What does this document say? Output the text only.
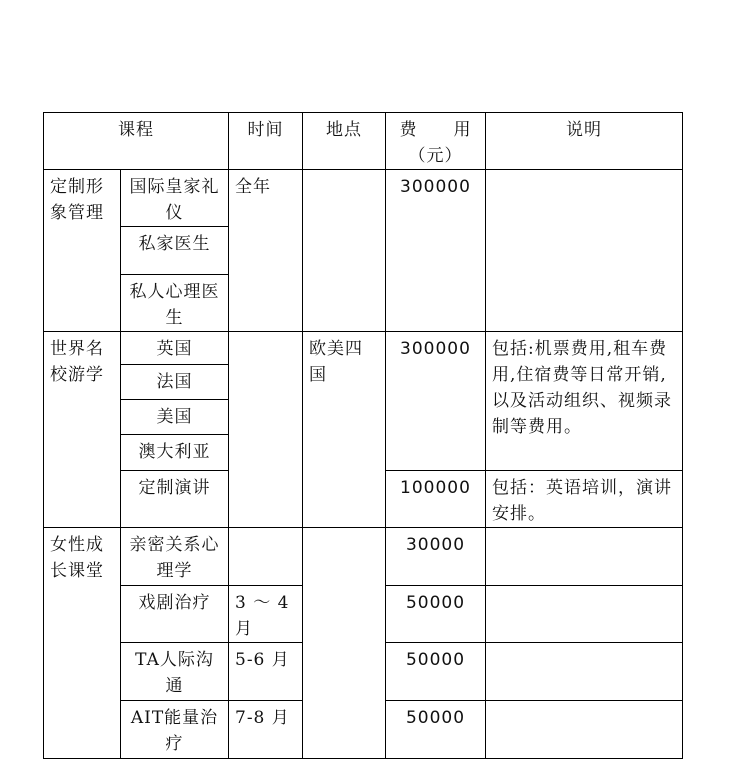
课程		时间	地点	费　　用（元）	说明
定制形象管理	国际皇家礼仪	全年		300000	
	私家医生				
	私人心理医生				
世界名校游学	英国		欧美四国	300000	包括:机票费用,租车费用,住宿费等日常开销,以及活动组织、视频录制等费用。
	法国				
	美国				
	澳大利亚				
	定制演讲			100000	包括：英语培训，演讲安排。
女性成长课堂	亲密关系心理学			30000	
	戏剧治疗	3 ～ 4 月		50000	
	TA人际沟通	5-6 月		50000	
	AIT能量治疗	7-8 月		50000	
